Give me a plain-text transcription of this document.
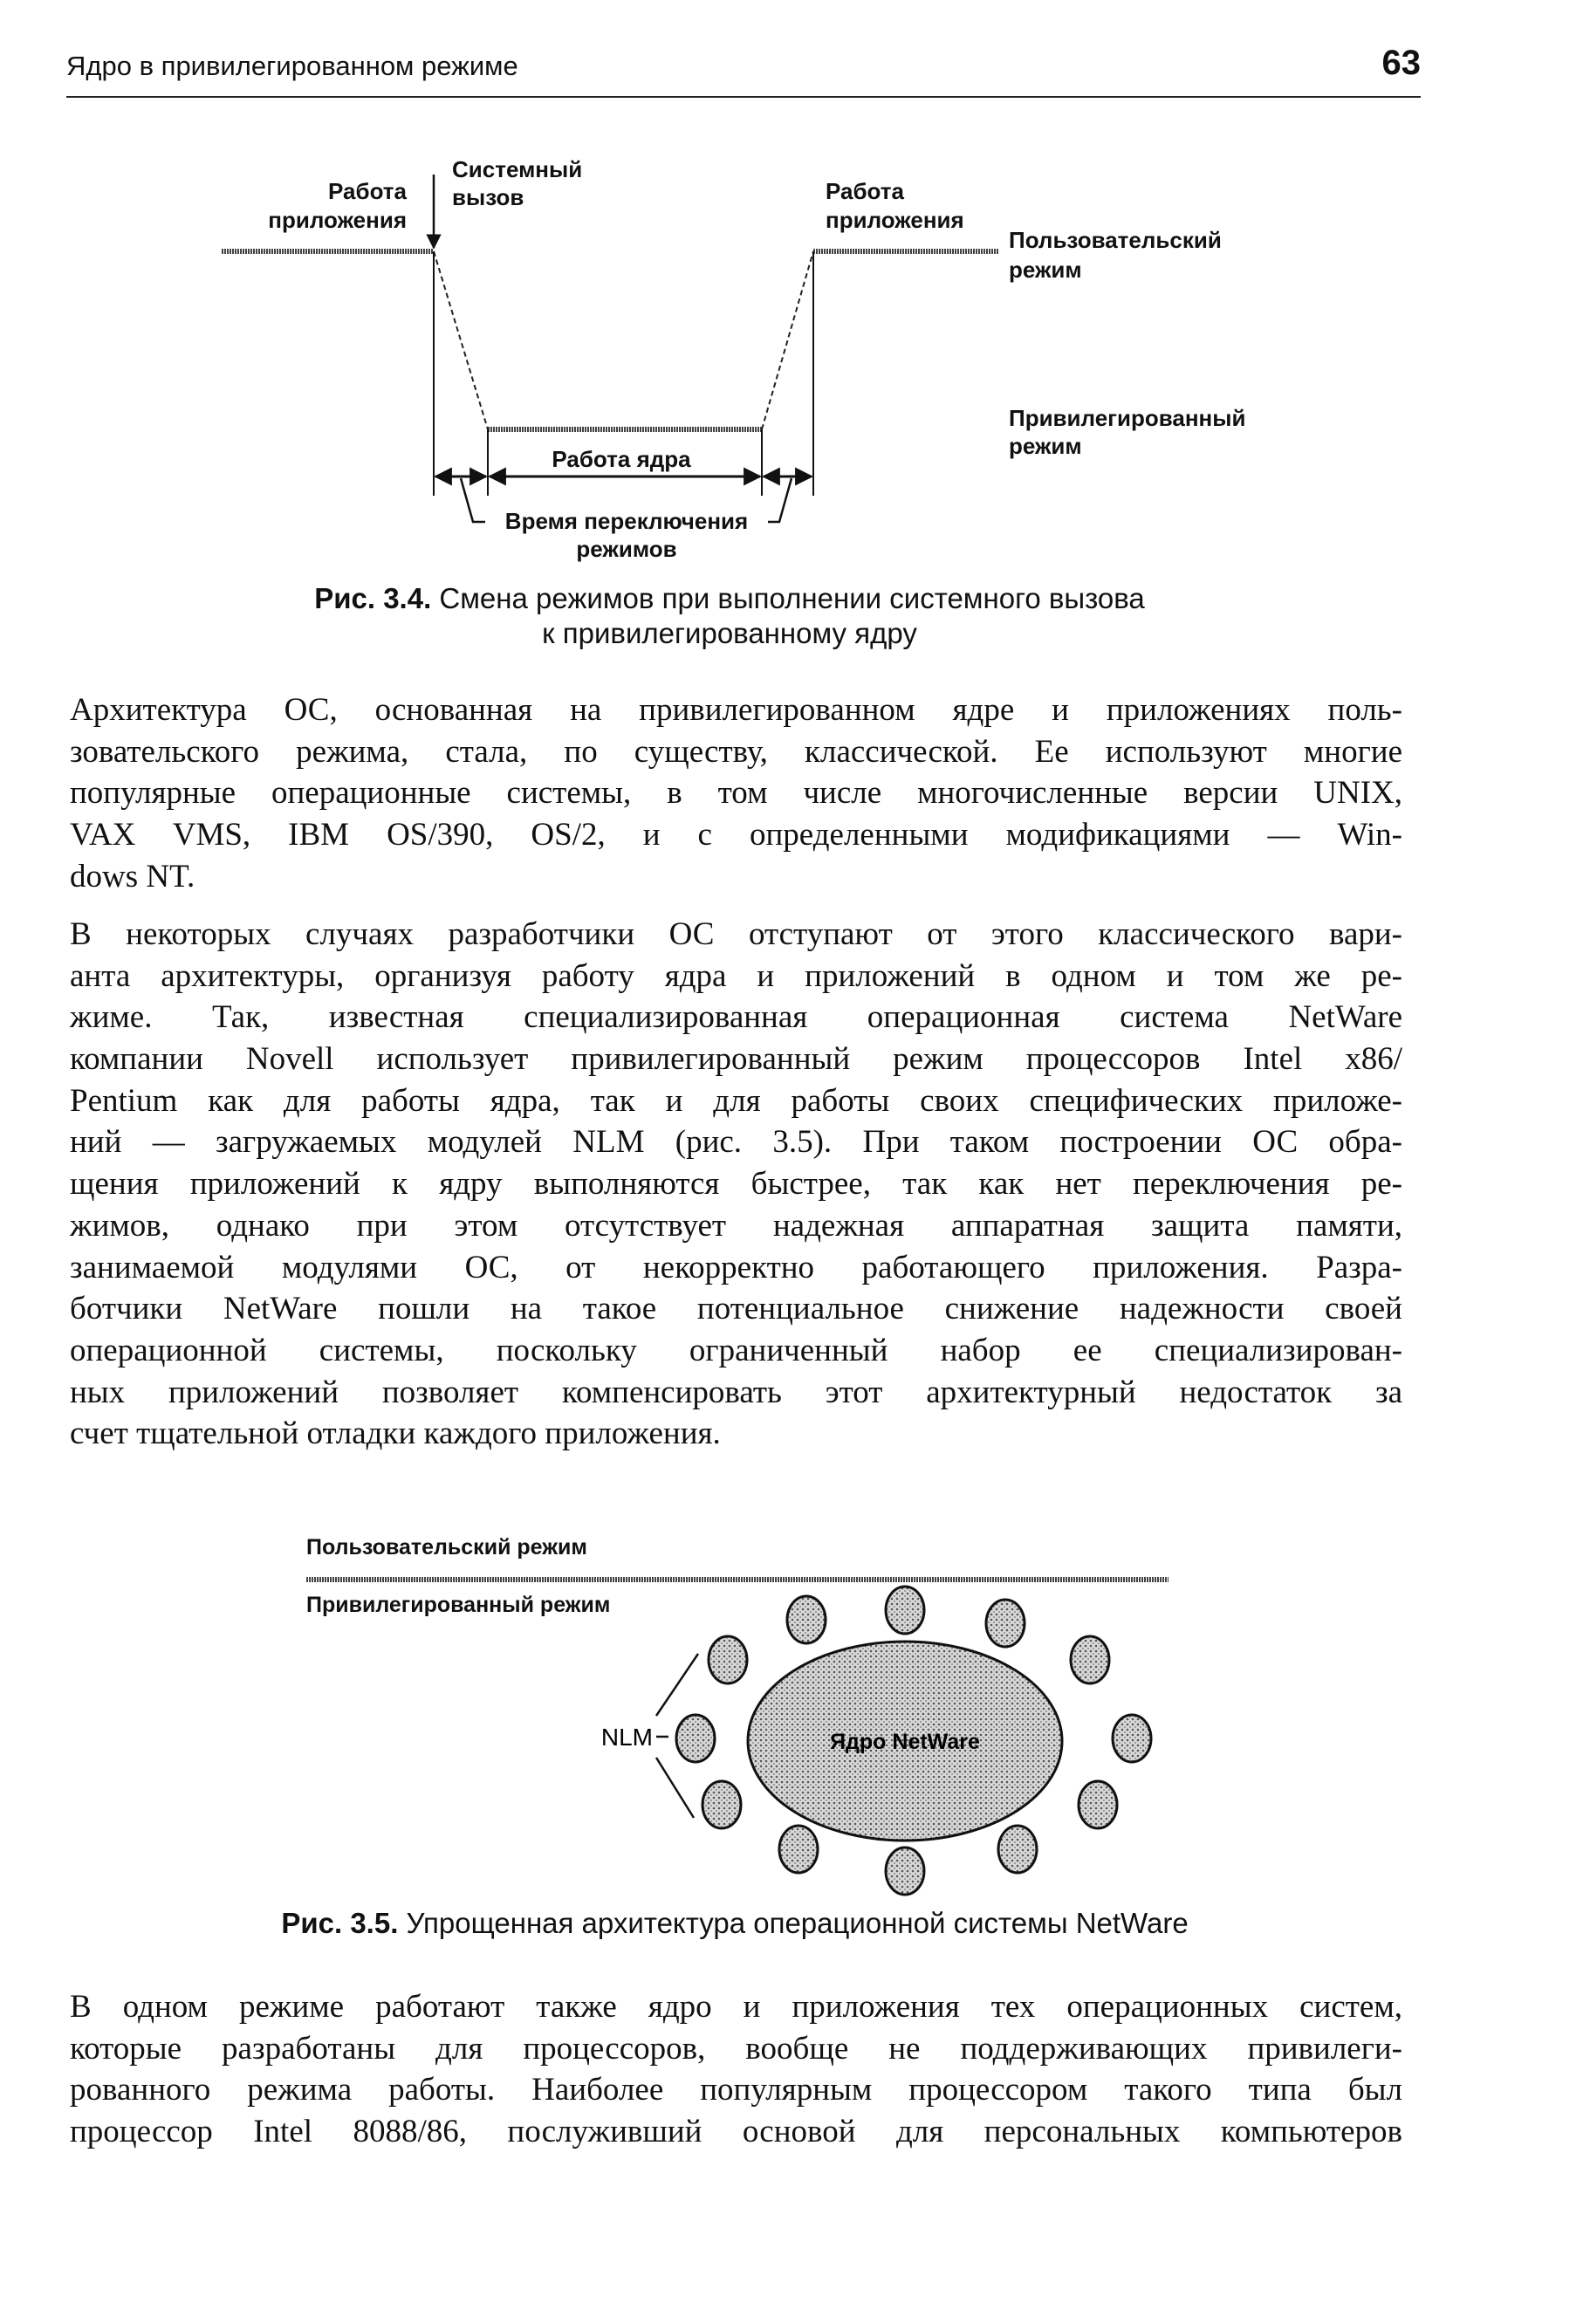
Ядро в привилегированном режиме	63
Работа
приложения
Системный
вызов	Работа
приложения
Пользовательский
режим
Привилегированный
режим
Работа ядра
Время переключения
режимов
Пользовательский режим
Привилегированный режим
Ядро NetWare
NLM
Рис. 3.4. Смена режимов при выполнении системного вызова
к привилегированному ядру
Архитектура ОС, основанная на привилегированном ядре и приложениях поль-
зовательского режима, стала, по существу, классической. Ее используют многие
популярные операционные системы, в том числе многочисленные версии UNIX,
VAX VMS, IBM OS/390, OS/2, и с определенными модификациями — Win-
dows NT.
В некоторых случаях разработчики ОС отступают от этого классического вари-
анта архитектуры, организуя работу ядра и приложений в одном и том же ре-
жиме. Так, известная специализированная операционная система NetWare
компании Novell использует привилегированный режим процессоров Intel x86/
Pentium как для работы ядра, так и для работы своих специфических приложе-
ний — загружаемых модулей NLM (рис. 3.5). При таком построении ОС обра-
щения приложений к ядру выполняются быстрее, так как нет переключения ре-
жимов, однако при этом отсутствует надежная аппаратная защита памяти,
занимаемой модулями ОС, от некорректно работающего приложения. Разра-
ботчики NetWare пошли на такое потенциальное снижение надежности своей
операционной системы, поскольку ограниченный набор ее специализирован-
ных приложений позволяет компенсировать этот архитектурный недостаток за
счет тщательной отладки каждого приложения.
Рис. 3.5. Упрощенная архитектура операционной системы NetWare
В одном режиме работают также ядро и приложения тех операционных систем,
которые разработаны для процессоров, вообще не поддерживающих привилеги-
рованного режима работы. Наиболее популярным процессором такого типа был
процессор Intel 8088/86, послуживший основой для персональных компьютеров
